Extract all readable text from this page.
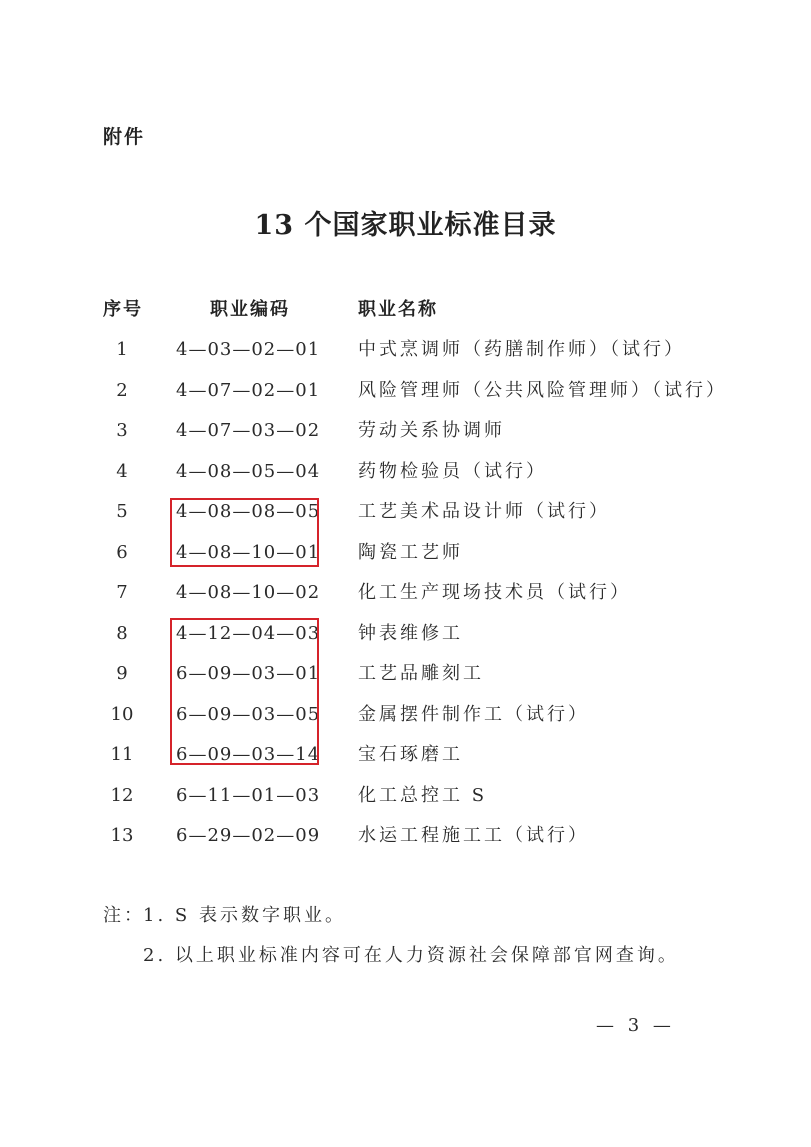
附件
13 个国家职业标准目录
序号	职业编码	职业名称
1	4—03—02—01 中式烹调师（药膳制作师）（试行）
2	4—07—02—01 风险管理师（公共风险管理师）（试行）
3	4—07—03—02 劳动关系协调师
4	4—08—05—04 药物检验员（试行）
5	4—08—08—05 工艺美术品设计师（试行）
6	4—08—10—01 陶瓷工艺师
7	4—08—10—02 化工生产现场技术员（试行）
8	4—12—04—03 钟表维修工
9	6—09—03—01 工艺品雕刻工
10	6—09—03—05 金属摆件制作工（试行）
11	6—09—03—14 宝石琢磨工
12	6—11—01—03 化工总控工 S
13	6—29—02—09 水运工程施工工（试行）
注：
1. S 表示数字职业。
2. 以上职业标准内容可在人力资源社会保障部官网查询。
— 3 —
